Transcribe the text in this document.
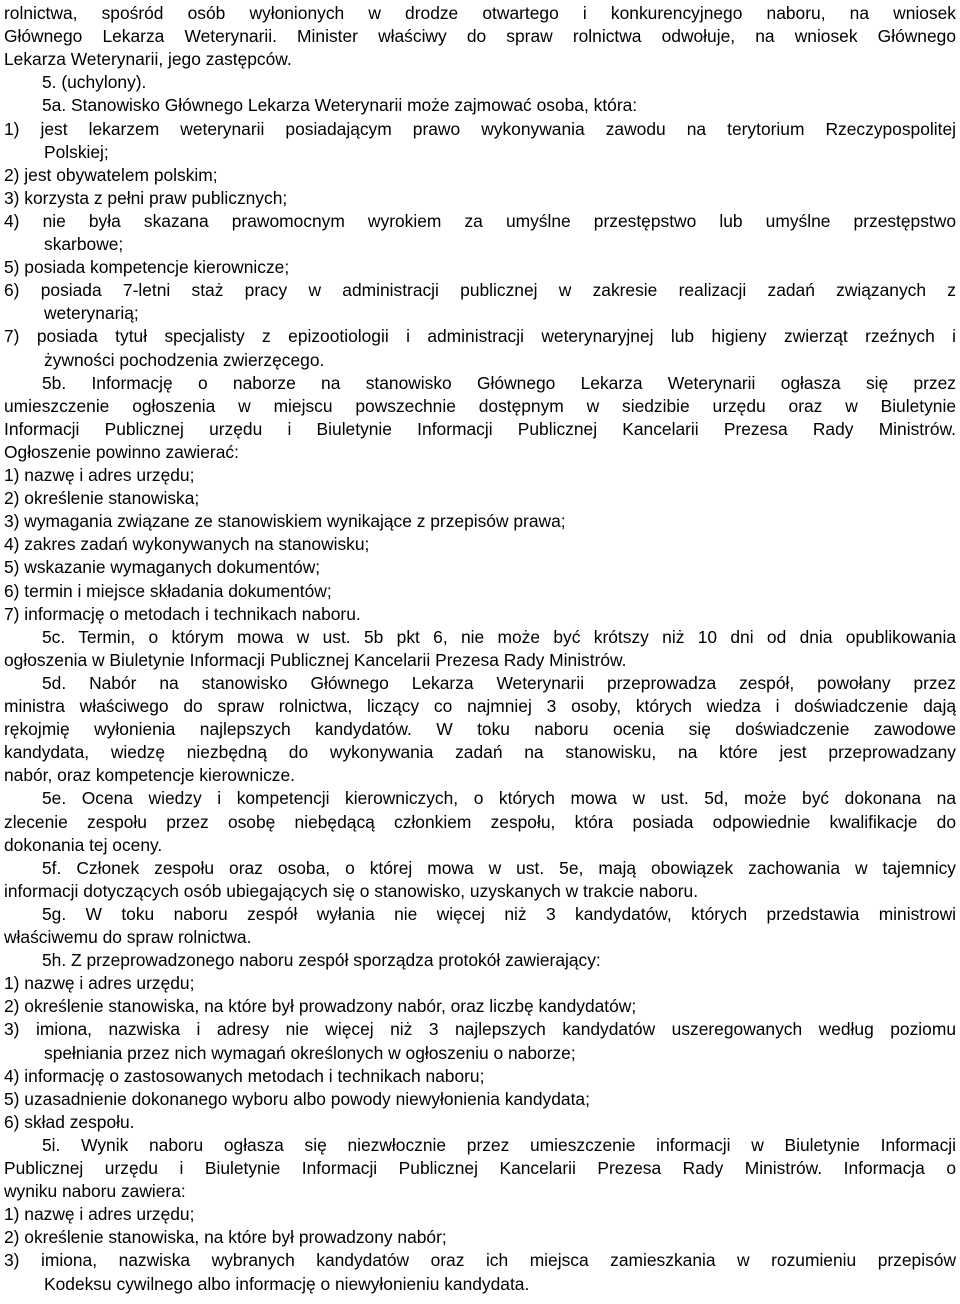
rolnictwa, spośród osób wyłonionych w drodze otwartego i konkurencyjnego naboru, na wniosek
Głównego Lekarza Weterynarii. Minister właściwy do spraw rolnictwa odwołuje, na wniosek Głównego
Lekarza Weterynarii, jego zastępców.
5. (uchylony).
5a. Stanowisko Głównego Lekarza Weterynarii może zajmować osoba, która:
1) jest lekarzem weterynarii posiadającym prawo wykonywania zawodu na terytorium Rzeczypospolitej
Polskiej;
2) jest obywatelem polskim;
3) korzysta z pełni praw publicznych;
4) nie była skazana prawomocnym wyrokiem za umyślne przestępstwo lub umyślne przestępstwo
skarbowe;
5) posiada kompetencje kierownicze;
6) posiada 7-letni staż pracy w administracji publicznej w zakresie realizacji zadań związanych z
weterynarią;
7) posiada tytuł specjalisty z epizootiologii i administracji weterynaryjnej lub higieny zwierząt rzeźnych i
żywności pochodzenia zwierzęcego.
5b. Informację o naborze na stanowisko Głównego Lekarza Weterynarii ogłasza się przez
umieszczenie ogłoszenia w miejscu powszechnie dostępnym w siedzibie urzędu oraz w Biuletynie
Informacji Publicznej urzędu i Biuletynie Informacji Publicznej Kancelarii Prezesa Rady Ministrów.
Ogłoszenie powinno zawierać:
1) nazwę i adres urzędu;
2) określenie stanowiska;
3) wymagania związane ze stanowiskiem wynikające z przepisów prawa;
4) zakres zadań wykonywanych na stanowisku;
5) wskazanie wymaganych dokumentów;
6) termin i miejsce składania dokumentów;
7) informację o metodach i technikach naboru.
5c. Termin, o którym mowa w ust. 5b pkt 6, nie może być krótszy niż 10 dni od dnia opublikowania
ogłoszenia w Biuletynie Informacji Publicznej Kancelarii Prezesa Rady Ministrów.
5d. Nabór na stanowisko Głównego Lekarza Weterynarii przeprowadza zespół, powołany przez
ministra właściwego do spraw rolnictwa, liczący co najmniej 3 osoby, których wiedza i doświadczenie dają
rękojmię wyłonienia najlepszych kandydatów. W toku naboru ocenia się doświadczenie zawodowe
kandydata, wiedzę niezbędną do wykonywania zadań na stanowisku, na które jest przeprowadzany
nabór, oraz kompetencje kierownicze.
5e. Ocena wiedzy i kompetencji kierowniczych, o których mowa w ust. 5d, może być dokonana na
zlecenie zespołu przez osobę niebędącą członkiem zespołu, która posiada odpowiednie kwalifikacje do
dokonania tej oceny.
5f. Członek zespołu oraz osoba, o której mowa w ust. 5e, mają obowiązek zachowania w tajemnicy
informacji dotyczących osób ubiegających się o stanowisko, uzyskanych w trakcie naboru.
5g. W toku naboru zespół wyłania nie więcej niż 3 kandydatów, których przedstawia ministrowi
właściwemu do spraw rolnictwa.
5h. Z przeprowadzonego naboru zespół sporządza protokół zawierający:
1) nazwę i adres urzędu;
2) określenie stanowiska, na które był prowadzony nabór, oraz liczbę kandydatów;
3) imiona, nazwiska i adresy nie więcej niż 3 najlepszych kandydatów uszeregowanych według poziomu
spełniania przez nich wymagań określonych w ogłoszeniu o naborze;
4) informację o zastosowanych metodach i technikach naboru;
5) uzasadnienie dokonanego wyboru albo powody niewyłonienia kandydata;
6) skład zespołu.
5i. Wynik naboru ogłasza się niezwłocznie przez umieszczenie informacji w Biuletynie Informacji
Publicznej urzędu i Biuletynie Informacji Publicznej Kancelarii Prezesa Rady Ministrów. Informacja o
wyniku naboru zawiera:
1) nazwę i adres urzędu;
2) określenie stanowiska, na które był prowadzony nabór;
3) imiona, nazwiska wybranych kandydatów oraz ich miejsca zamieszkania w rozumieniu przepisów
Kodeksu cywilnego albo informację o niewyłonieniu kandydata.
